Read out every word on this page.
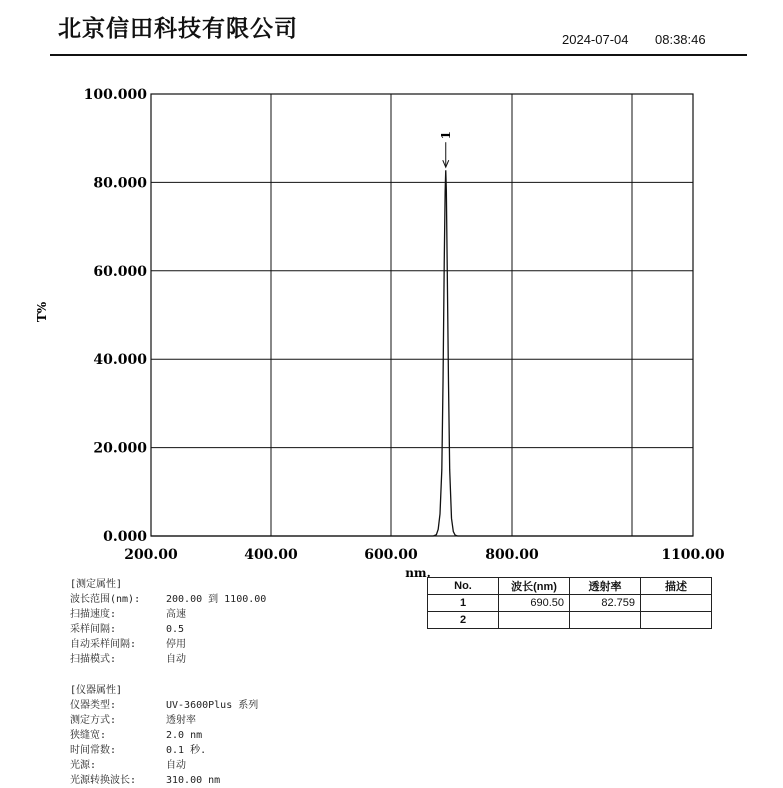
北京信田科技有限公司	2024-07-04 08:38:46
100.000
80.000
60.000
40.000
20.000
0.000
200.00	400.00	600.00	800.00	1100.00
T%
nm.
1
No.	波长(nm)	透射率	描述
1	690.50	82.759	
2			
[测定属性]
波长范围(nm):	200.00 到 1100.00
扫描速度:	高速
采样间隔:	0.5
自动采样间隔:	停用
扫描模式:	自动
[仪器属性]
仪器类型:	UV-3600Plus 系列
测定方式:	透射率
狭缝宽:	2.0 nm
时间常数:	0.1 秒.
光源:	自动
光源转换波长:	310.00 nm
